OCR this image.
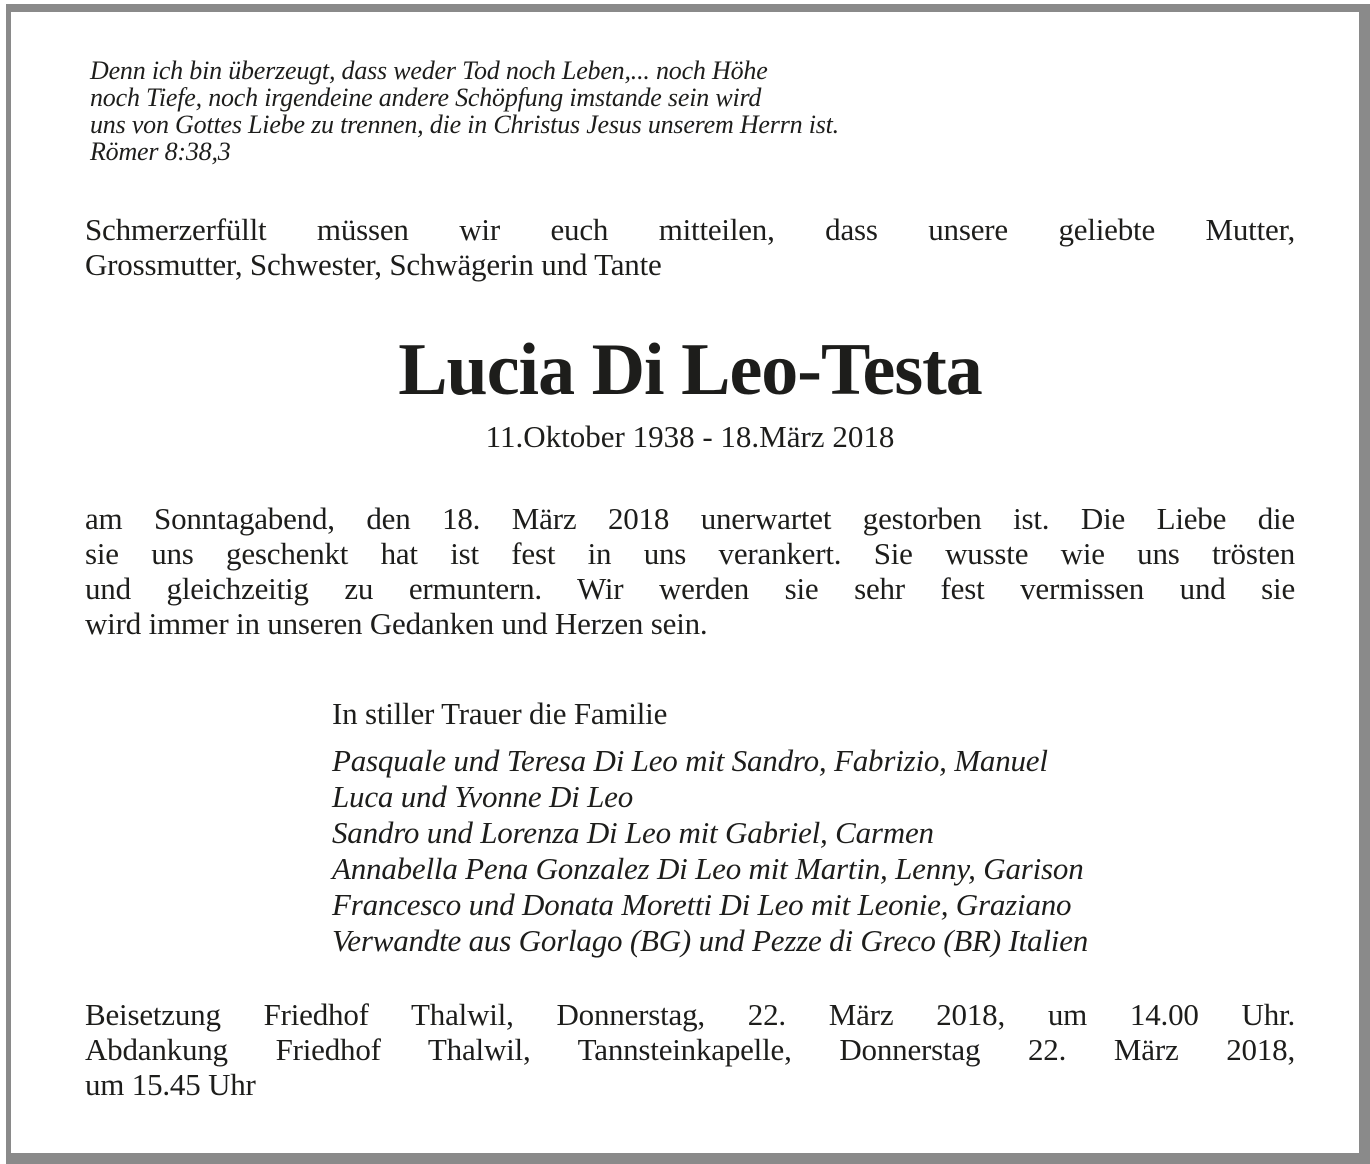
Denn ich bin überzeugt, dass weder Tod noch Leben,... noch Höhe
noch Tiefe, noch irgendeine andere Schöpfung imstande sein wird
uns von Gottes Liebe zu trennen, die in Christus Jesus unserem Herrn ist.
Römer 8:38,3
Schmerzerfüllt müssen wir euch mitteilen, dass unsere geliebte Mutter,
Grossmutter, Schwester, Schwägerin und Tante
Lucia Di Leo-Testa
11.Oktober 1938 - 18.März 2018
am Sonntagabend, den 18. März 2018 unerwartet gestorben ist. Die Liebe die
sie uns geschenkt hat ist fest in uns verankert. Sie wusste wie uns trösten
und gleichzeitig zu ermuntern. Wir werden sie sehr fest vermissen und sie
wird immer in unseren Gedanken und Herzen sein.
In stiller Trauer die Familie
Pasquale und Teresa Di Leo mit Sandro, Fabrizio, Manuel
Luca und Yvonne Di Leo
Sandro und Lorenza Di Leo mit Gabriel, Carmen
Annabella Pena Gonzalez Di Leo mit Martin, Lenny, Garison
Francesco und Donata Moretti Di Leo mit Leonie, Graziano
Verwandte aus Gorlago (BG) und Pezze di Greco (BR) Italien
Beisetzung Friedhof Thalwil, Donnerstag, 22. März 2018, um 14.00 Uhr.
Abdankung Friedhof Thalwil, Tannsteinkapelle, Donnerstag 22. März 2018,
um 15.45 Uhr
